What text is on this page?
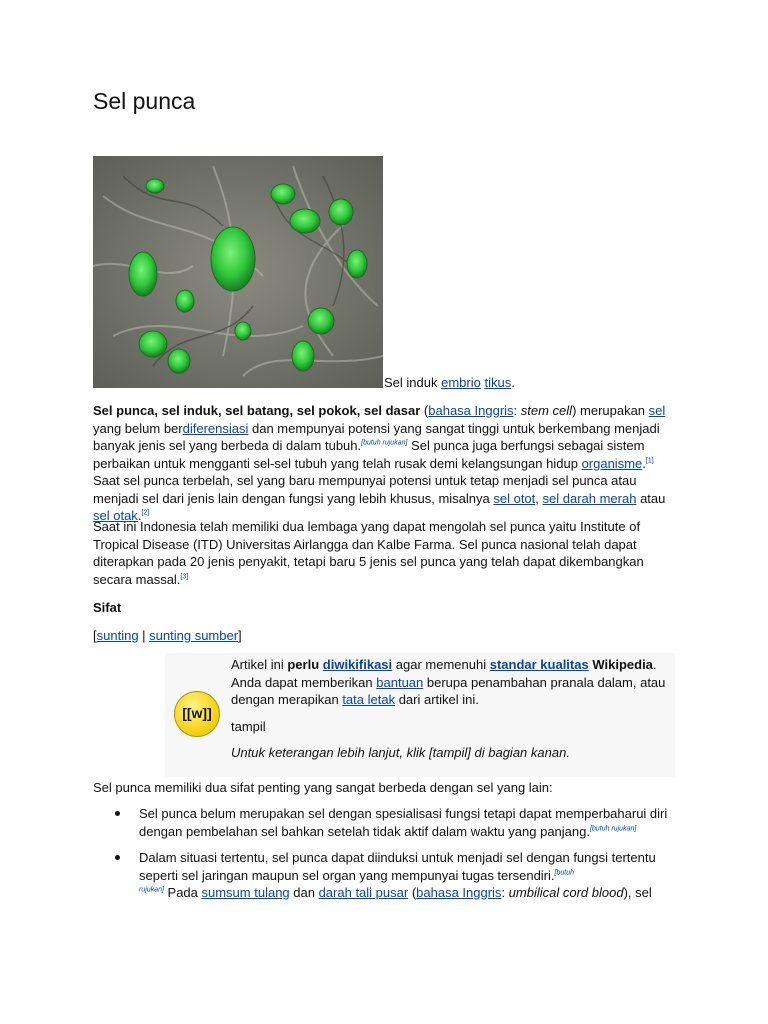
Sel punca
Sel induk embrio tikus.

Sel punca, sel induk, sel batang, sel pokok, sel dasar (bahasa Inggris: stem cell) merupakan sel yang belum berdiferensiasi dan mempunyai potensi yang sangat tinggi untuk berkembang menjadi banyak jenis sel yang berbeda di dalam tubuh.[butuh rujukan] Sel punca juga berfungsi sebagai sistem perbaikan untuk mengganti sel-sel tubuh yang telah rusak demi kelangsungan hidup organisme.[1] Saat sel punca terbelah, sel yang baru mempunyai potensi untuk tetap menjadi sel punca atau menjadi sel dari jenis lain dengan fungsi yang lebih khusus, misalnya sel otot, sel darah merah atau sel otak.[2]

Saat ini Indonesia telah memiliki dua lembaga yang dapat mengolah sel punca yaitu Institute of Tropical Disease (ITD) Universitas Airlangga dan Kalbe Farma. Sel punca nasional telah dapat diterapkan pada 20 jenis penyakit, tetapi baru 5 jenis sel punca yang telah dapat dikembangkan secara massal.[3]

Sifat

[sunting | sunting sumber]

[[w]]

Artikel ini perlu diwikifikasi agar memenuhi standar kualitas Wikipedia. Anda dapat memberikan bantuan berupa penambahan pranala dalam, atau dengan merapikan tata letak dari artikel ini.

tampil

Untuk keterangan lebih lanjut, klik [tampil] di bagian kanan.

Sel punca memiliki dua sifat penting yang sangat berbeda dengan sel yang lain:

Sel punca belum merupakan sel dengan spesialisasi fungsi tetapi dapat memperbaharui diri dengan pembelahan sel bahkan setelah tidak aktif dalam waktu yang panjang.[butuh rujukan]
Dalam situasi tertentu, sel punca dapat diinduksi untuk menjadi sel dengan fungsi tertentu seperti sel jaringan maupun sel organ yang mempunyai tugas tersendiri.[butuh
rujukan] Pada sumsum tulang dan darah tali pusar (bahasa Inggris: umbilical cord blood), sel
